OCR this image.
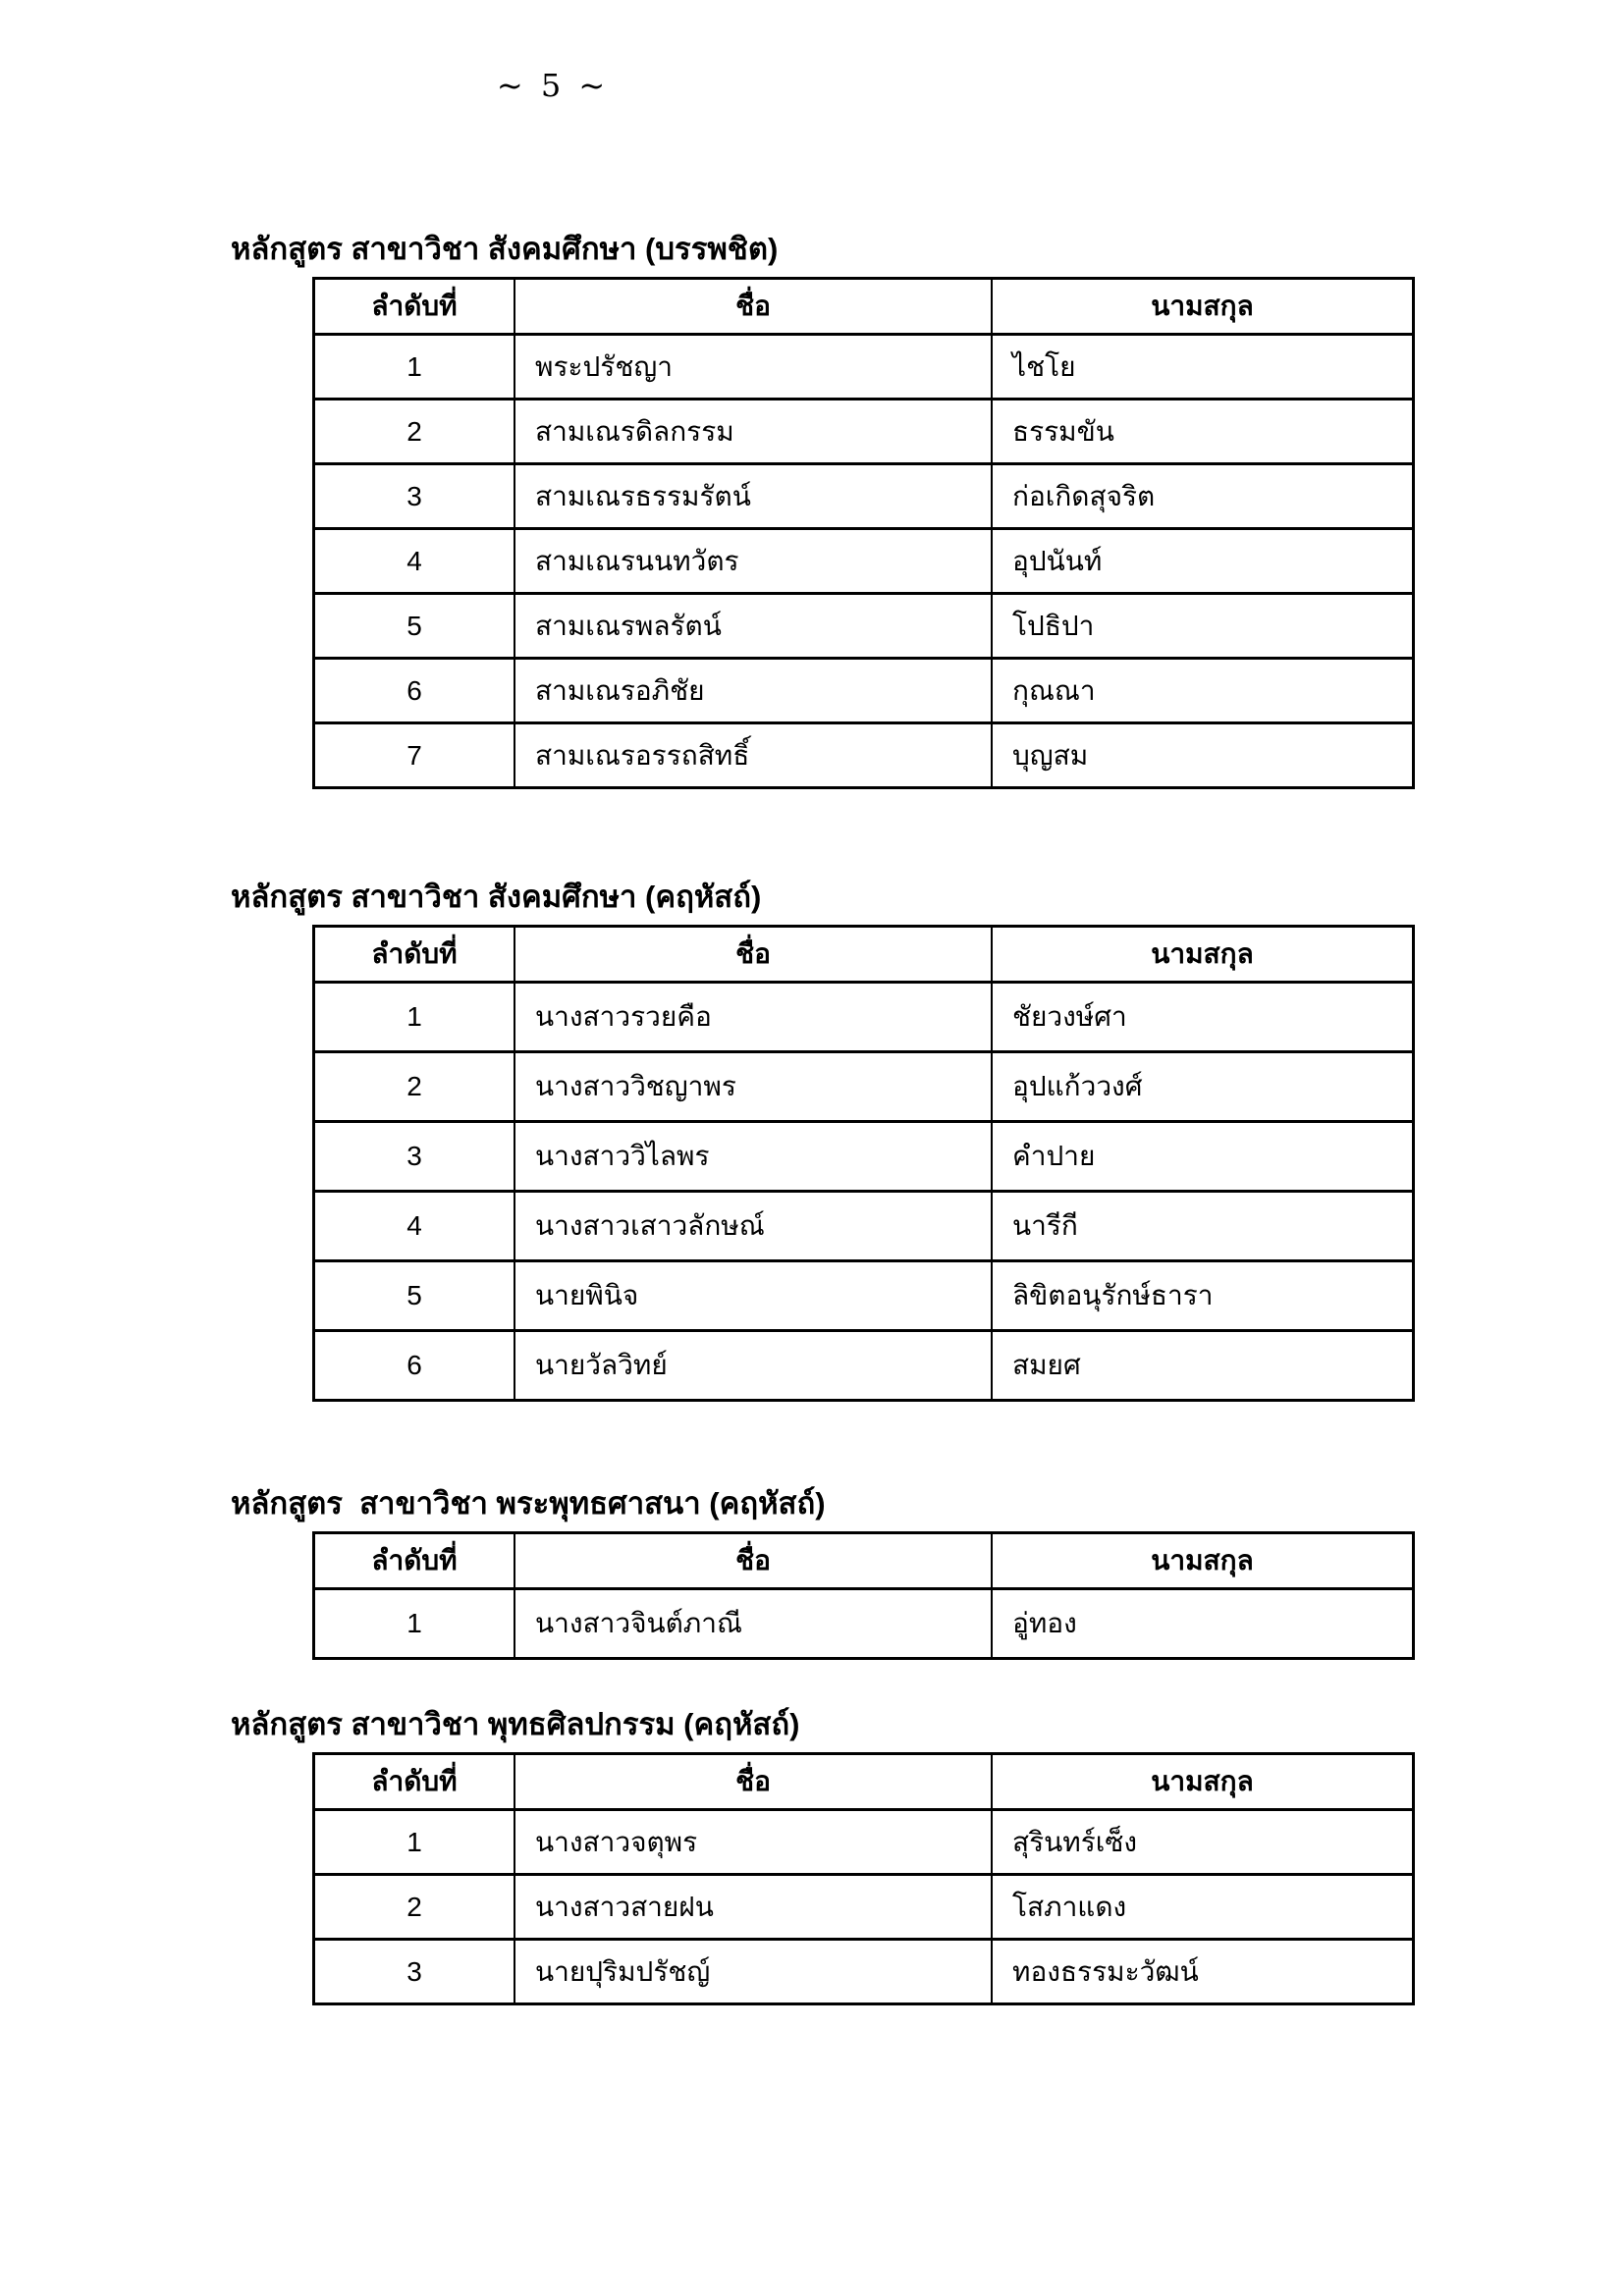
~ 5 ~
หลักสูตร สาขาวิชา สังคมศึกษา (บรรพชิต)
ลำดับที่	ชื่อ	นามสกุล
1	พระปรัชญา	ไชโย
2	สามเณรดิลกรรม	ธรรมขัน
3	สามเณรธรรมรัตน์	ก่อเกิดสุจริต
4	สามเณรนนทวัตร	อุปนันท์
5	สามเณรพลรัตน์	โปธิปา
6	สามเณรอภิชัย	กุณณา
7	สามเณรอรรถสิทธิ์	บุญสม
หลักสูตร สาขาวิชา สังคมศึกษา (คฤหัสถ์)
ลำดับที่	ชื่อ	นามสกุล
1	นางสาวรวยคือ	ชัยวงษ์ศา
2	นางสาววิชญาพร	อุปแก้ววงศ์
3	นางสาววิไลพร	คำปาย
4	นางสาวเสาวลักษณ์	นารีกี
5	นายพินิจ	ลิขิตอนุรักษ์ธารา
6	นายวัลวิทย์	สมยศ
หลักสูตร  สาขาวิชา พระพุทธศาสนา (คฤหัสถ์)
ลำดับที่	ชื่อ	นามสกุล
1	นางสาวจินต์ภาณี	อู่ทอง
หลักสูตร สาขาวิชา พุทธศิลปกรรม (คฤหัสถ์)
ลำดับที่	ชื่อ	นามสกุล
1	นางสาวจตุพร	สุรินทร์เซ็ง
2	นางสาวสายฝน	โสภาแดง
3	นายปุริมปรัชญ์	ทองธรรมะวัฒน์
